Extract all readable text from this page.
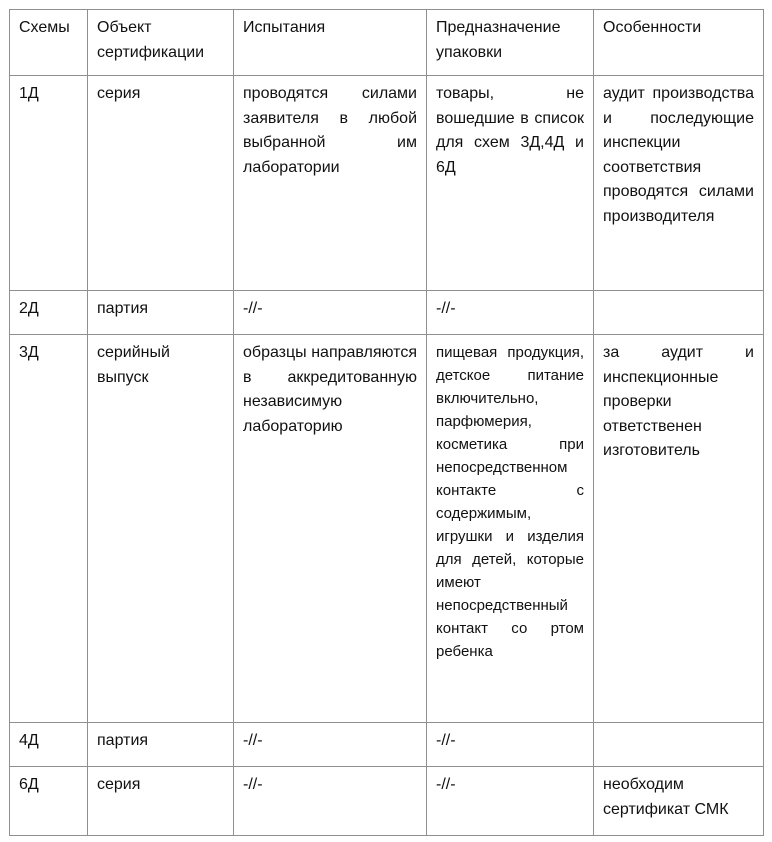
Схемы	Объект сертификации	Испытания	Предназначение упаковки	Особенности
1Д	серия	проводятся силами заявителя в любой выбранной им лаборатории	товары, не вошедшие в список для схем 3Д,4Д и 6Д	аудит производства и последующие инспекции соответствия проводятся силами производителя
2Д	партия	-//-	-//-	
3Д	серийный выпуск	образцы направляются в аккредитованную независимую лабораторию	пищевая продукция, детское питание включительно, парфюмерия, косметика при непосредственном контакте с содержимым, игрушки и изделия для детей, которые имеют непосредственный контакт со ртом ребенка	за аудит и инспекционные проверки ответственен изготовитель
4Д	партия	-//-	-//-	
6Д	серия	-//-	-//-	необходим сертификат СМК
